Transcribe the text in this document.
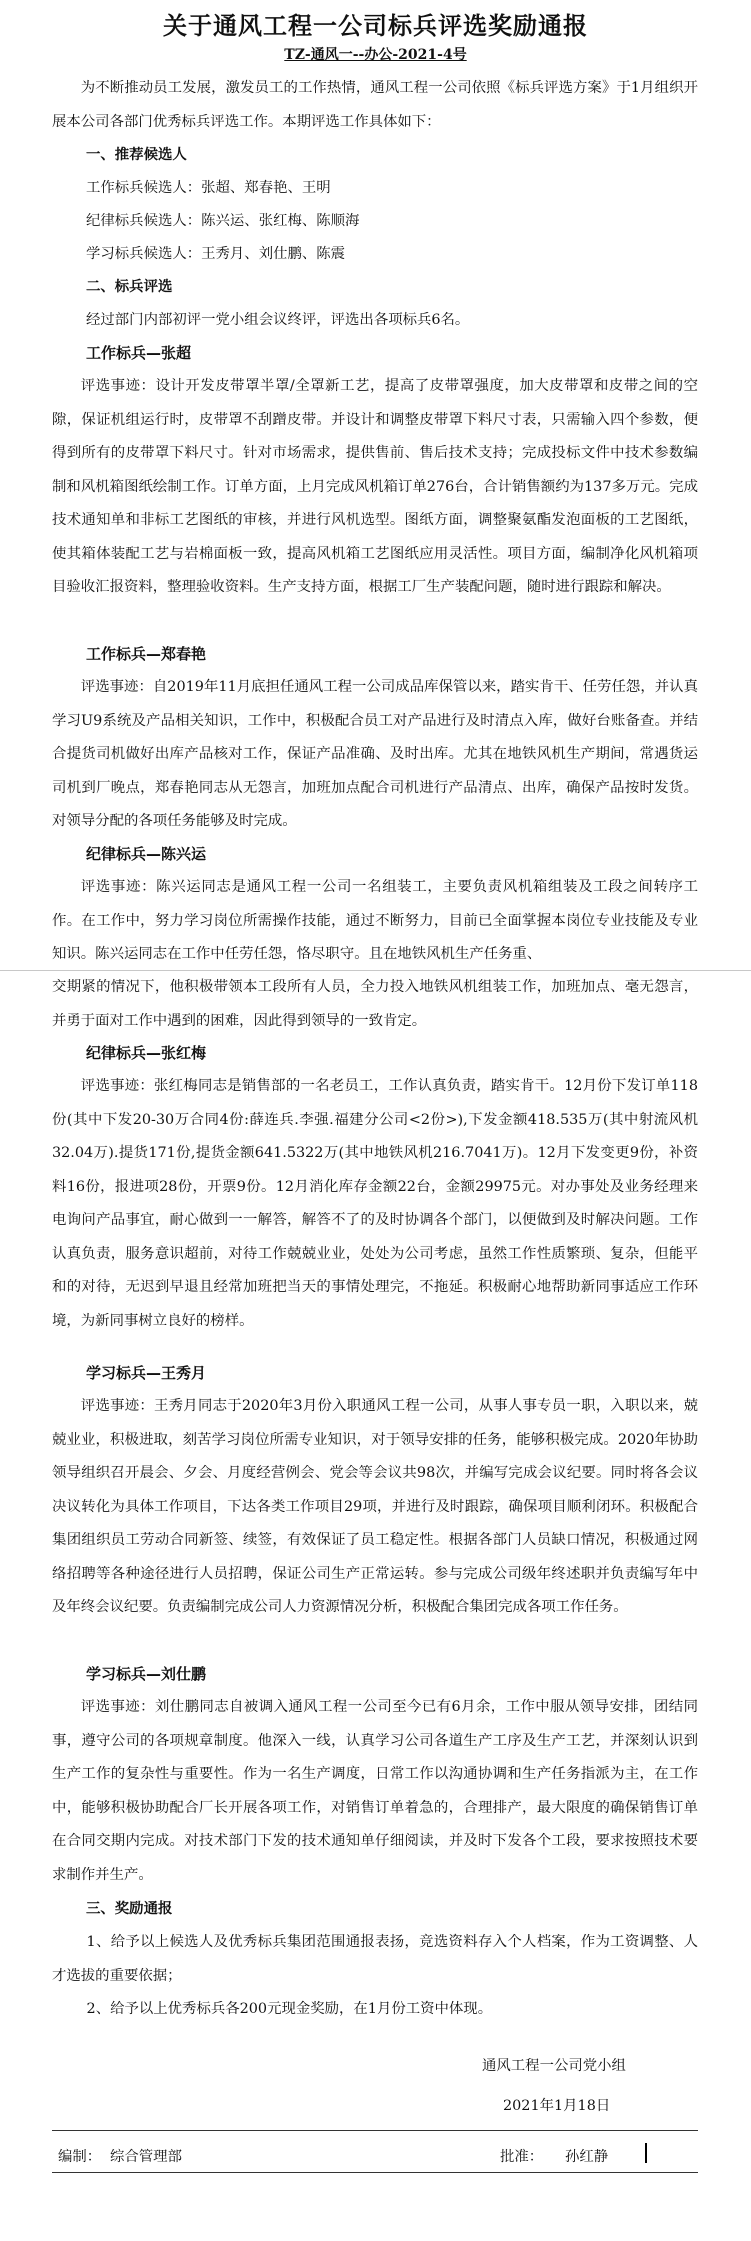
关于通风工程一公司标兵评选奖励通报
TZ-通风一--办公-2021-4号

为不断推动员工发展，激发员工的工作热情，通风工程一公司依照《标兵评选方案》于1月组织开展本公司各部门优秀标兵评选工作。本期评选工作具体如下：

一、推荐候选人

工作标兵候选人：张超、郑春艳、王明

纪律标兵候选人：陈兴运、张红梅、陈顺海

学习标兵候选人：王秀月、刘仕鹏、陈震

二、标兵评选

经过部门内部初评一党小组会议终评，评选出各项标兵6名。

工作标兵—张超

评选事迹：设计开发皮带罩半罩/全罩新工艺，提高了皮带罩强度，加大皮带罩和皮带之间的空隙，保证机组运行时，皮带罩不刮蹭皮带。并设计和调整皮带罩下料尺寸表，只需输入四个参数，便得到所有的皮带罩下料尺寸。针对市场需求，提供售前、售后技术支持；完成投标文件中技术参数编制和风机箱图纸绘制工作。订单方面，上月完成风机箱订单276台，合计销售额约为137多万元。完成技术通知单和非标工艺图纸的审核，并进行风机选型。图纸方面，调整聚氨酯发泡面板的工艺图纸，使其箱体装配工艺与岩棉面板一致，提高风机箱工艺图纸应用灵活性。项目方面，编制净化风机箱项目验收汇报资料，整理验收资料。生产支持方面，根据工厂生产装配问题，随时进行跟踪和解决。

工作标兵—郑春艳

评选事迹：自2019年11月底担任通风工程一公司成品库保管以来，踏实肯干、任劳任怨，并认真学习U9系统及产品相关知识，工作中，积极配合员工对产品进行及时清点入库，做好台账备查。并结合提货司机做好出库产品核对工作，保证产品准确、及时出库。尤其在地铁风机生产期间，常遇货运司机到厂晚点，郑春艳同志从无怨言，加班加点配合司机进行产品清点、出库，确保产品按时发货。对领导分配的各项任务能够及时完成。

纪律标兵—陈兴运

评选事迹：陈兴运同志是通风工程一公司一名组装工，主要负责风机箱组装及工段之间转序工作。在工作中，努力学习岗位所需操作技能，通过不断努力，目前已全面掌握本岗位专业技能及专业知识。陈兴运同志在工作中任劳任怨，恪尽职守。且在地铁风机生产任务重、

交期紧的情况下，他积极带领本工段所有人员，全力投入地铁风机组装工作，加班加点、毫无怨言，并勇于面对工作中遇到的困难，因此得到领导的一致肯定。

纪律标兵—张红梅

评选事迹：张红梅同志是销售部的一名老员工，工作认真负责，踏实肯干。12月份下发订单118份(其中下发20-30万合同4份:薛连兵.李强.福建分公司<2份>),下发金额418.535万(其中射流风机32.04万).提货171份,提货金额641.5322万(其中地铁风机216.7041万)。12月下发变更9份，补资料16份，报进项28份，开票9份。12月消化库存金额22台，金额29975元。对办事处及业务经理来电询问产品事宜，耐心做到一一解答，解答不了的及时协调各个部门，以便做到及时解决问题。工作认真负责，服务意识超前，对待工作兢兢业业，处处为公司考虑，虽然工作性质繁琐、复杂，但能平和的对待，无迟到早退且经常加班把当天的事情处理完，不拖延。积极耐心地帮助新同事适应工作环境，为新同事树立良好的榜样。

学习标兵—王秀月

评选事迹：王秀月同志于2020年3月份入职通风工程一公司，从事人事专员一职，入职以来，兢兢业业，积极进取，刻苦学习岗位所需专业知识，对于领导安排的任务，能够积极完成。2020年协助领导组织召开晨会、夕会、月度经营例会、党会等会议共98次，并编写完成会议纪要。同时将各会议决议转化为具体工作项目，下达各类工作项目29项，并进行及时跟踪，确保项目顺利闭环。积极配合集团组织员工劳动合同新签、续签，有效保证了员工稳定性。根据各部门人员缺口情况，积极通过网络招聘等各种途径进行人员招聘，保证公司生产正常运转。参与完成公司级年终述职并负责编写年中及年终会议纪要。负责编制完成公司人力资源情况分析，积极配合集团完成各项工作任务。

学习标兵—刘仕鹏

评选事迹：刘仕鹏同志自被调入通风工程一公司至今已有6月余，工作中服从领导安排，团结同事，遵守公司的各项规章制度。他深入一线，认真学习公司各道生产工序及生产工艺，并深刻认识到生产工作的复杂性与重要性。作为一名生产调度，日常工作以沟通协调和生产任务指派为主，在工作中，能够积极协助配合厂长开展各项工作，对销售订单着急的，合理排产，最大限度的确保销售订单在合同交期内完成。对技术部门下发的技术通知单仔细阅读，并及时下发各个工段，要求按照技术要求制作并生产。

三、奖励通报

1、给予以上候选人及优秀标兵集团范围通报表扬，竞选资料存入个人档案，作为工资调整、人才选拔的重要依据；

2、给予以上优秀标兵各200元现金奖励，在1月份工资中体现。

通风工程一公司党小组
2021年1月18日
编制： 综合管理部	批准： 孙红静
